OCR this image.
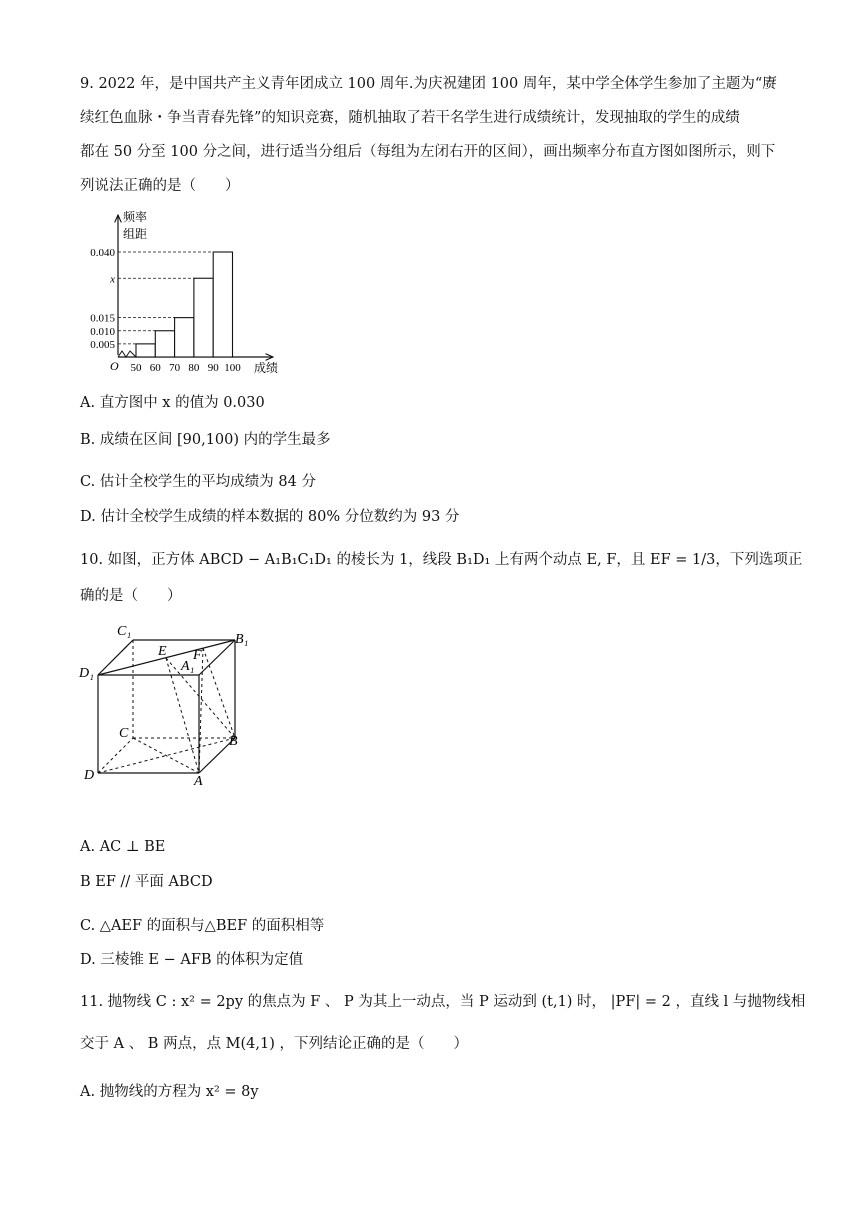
9. 2022 年，是中国共产主义青年团成立 100 周年.为庆祝建团 100 周年，某中学全体学生参加了主题为“赓
续红色血脉・争当青春先锋”的知识竞赛，随机抽取了若干名学生进行成绩统计，发现抽取的学生的成绩
都在 50 分至 100 分之间，进行适当分组后（每组为左闭右开的区间），画出频率分布直方图如图所示，则下
列说法正确的是（　　）
0.005
0.010
0.015
x
0.040
50 60 70 80 90 100
频率
组距
成绩
O
A. 直方图中 x 的值为 0.030
B. 成绩在区间 [90,100) 内的学生最多
C. 估计全校学生的平均成绩为 84 分
D. 估计全校学生成绩的样本数据的 80% 分位数约为 93 分
10. 如图，正方体 ABCD − A₁B₁C₁D₁ 的棱长为 1，线段 B₁D₁ 上有两个动点 E, F，且 EF = 1/3，下列选项正
确的是（　　）
C₁
B₁
D₁
E
A₁
F
C
B
D	A
A. AC ⊥ BE
B EF // 平面 ABCD
C. △AEF 的面积与△BEF 的面积相等
D. 三棱锥 E − AFB 的体积为定值
11. 抛物线 C : x² = 2py 的焦点为 F 、 P 为其上一动点，当 P 运动到 (t,1) 时， |PF| = 2 ，直线 l 与抛物线相
交于 A 、 B 两点，点 M(4,1) ，下列结论正确的是（　　）
A. 抛物线的方程为 x² = 8y
